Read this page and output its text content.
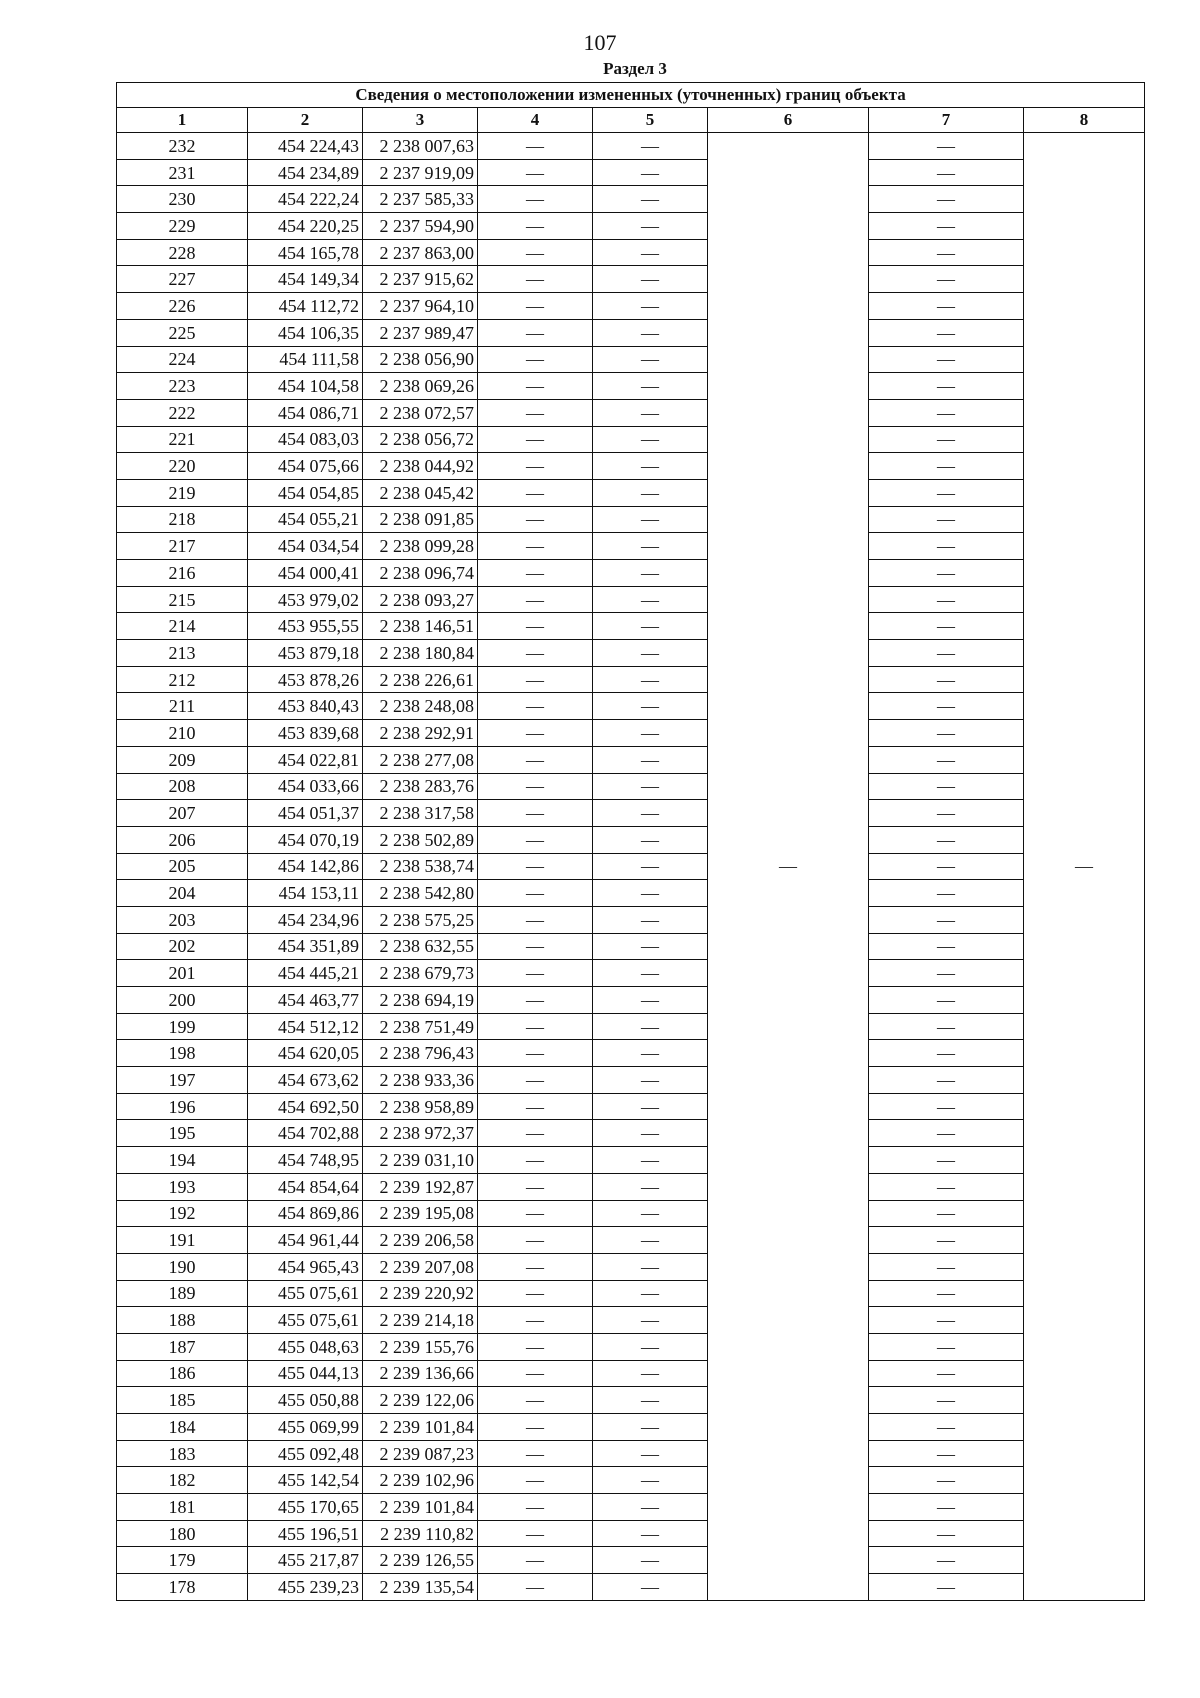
107
Раздел 3
Сведения о местоположении измененных (уточненных) границ объекта							
1	2	3	4	5	6	7	8
232	454 224,43	2 238 007,63	—	—	—	—	—
231	454 234,89	2 237 919,09	—	—		—	
230	454 222,24	2 237 585,33	—	—		—	
229	454 220,25	2 237 594,90	—	—		—	
228	454 165,78	2 237 863,00	—	—		—	
227	454 149,34	2 237 915,62	—	—		—	
226	454 112,72	2 237 964,10	—	—		—	
225	454 106,35	2 237 989,47	—	—		—	
224	454 111,58	2 238 056,90	—	—		—	
223	454 104,58	2 238 069,26	—	—		—	
222	454 086,71	2 238 072,57	—	—		—	
221	454 083,03	2 238 056,72	—	—		—	
220	454 075,66	2 238 044,92	—	—		—	
219	454 054,85	2 238 045,42	—	—		—	
218	454 055,21	2 238 091,85	—	—		—	
217	454 034,54	2 238 099,28	—	—		—	
216	454 000,41	2 238 096,74	—	—		—	
215	453 979,02	2 238 093,27	—	—		—	
214	453 955,55	2 238 146,51	—	—		—	
213	453 879,18	2 238 180,84	—	—		—	
212	453 878,26	2 238 226,61	—	—		—	
211	453 840,43	2 238 248,08	—	—		—	
210	453 839,68	2 238 292,91	—	—		—	
209	454 022,81	2 238 277,08	—	—		—	
208	454 033,66	2 238 283,76	—	—		—	
207	454 051,37	2 238 317,58	—	—		—	
206	454 070,19	2 238 502,89	—	—		—	
205	454 142,86	2 238 538,74	—	—		—	
204	454 153,11	2 238 542,80	—	—		—	
203	454 234,96	2 238 575,25	—	—		—	
202	454 351,89	2 238 632,55	—	—		—	
201	454 445,21	2 238 679,73	—	—		—	
200	454 463,77	2 238 694,19	—	—		—	
199	454 512,12	2 238 751,49	—	—		—	
198	454 620,05	2 238 796,43	—	—		—	
197	454 673,62	2 238 933,36	—	—		—	
196	454 692,50	2 238 958,89	—	—		—	
195	454 702,88	2 238 972,37	—	—		—	
194	454 748,95	2 239 031,10	—	—		—	
193	454 854,64	2 239 192,87	—	—		—	
192	454 869,86	2 239 195,08	—	—		—	
191	454 961,44	2 239 206,58	—	—		—	
190	454 965,43	2 239 207,08	—	—		—	
189	455 075,61	2 239 220,92	—	—		—	
188	455 075,61	2 239 214,18	—	—		—	
187	455 048,63	2 239 155,76	—	—		—	
186	455 044,13	2 239 136,66	—	—		—	
185	455 050,88	2 239 122,06	—	—		—	
184	455 069,99	2 239 101,84	—	—		—	
183	455 092,48	2 239 087,23	—	—		—	
182	455 142,54	2 239 102,96	—	—		—	
181	455 170,65	2 239 101,84	—	—		—	
180	455 196,51	2 239 110,82	—	—		—	
179	455 217,87	2 239 126,55	—	—		—	
178	455 239,23	2 239 135,54	—	—		—	
